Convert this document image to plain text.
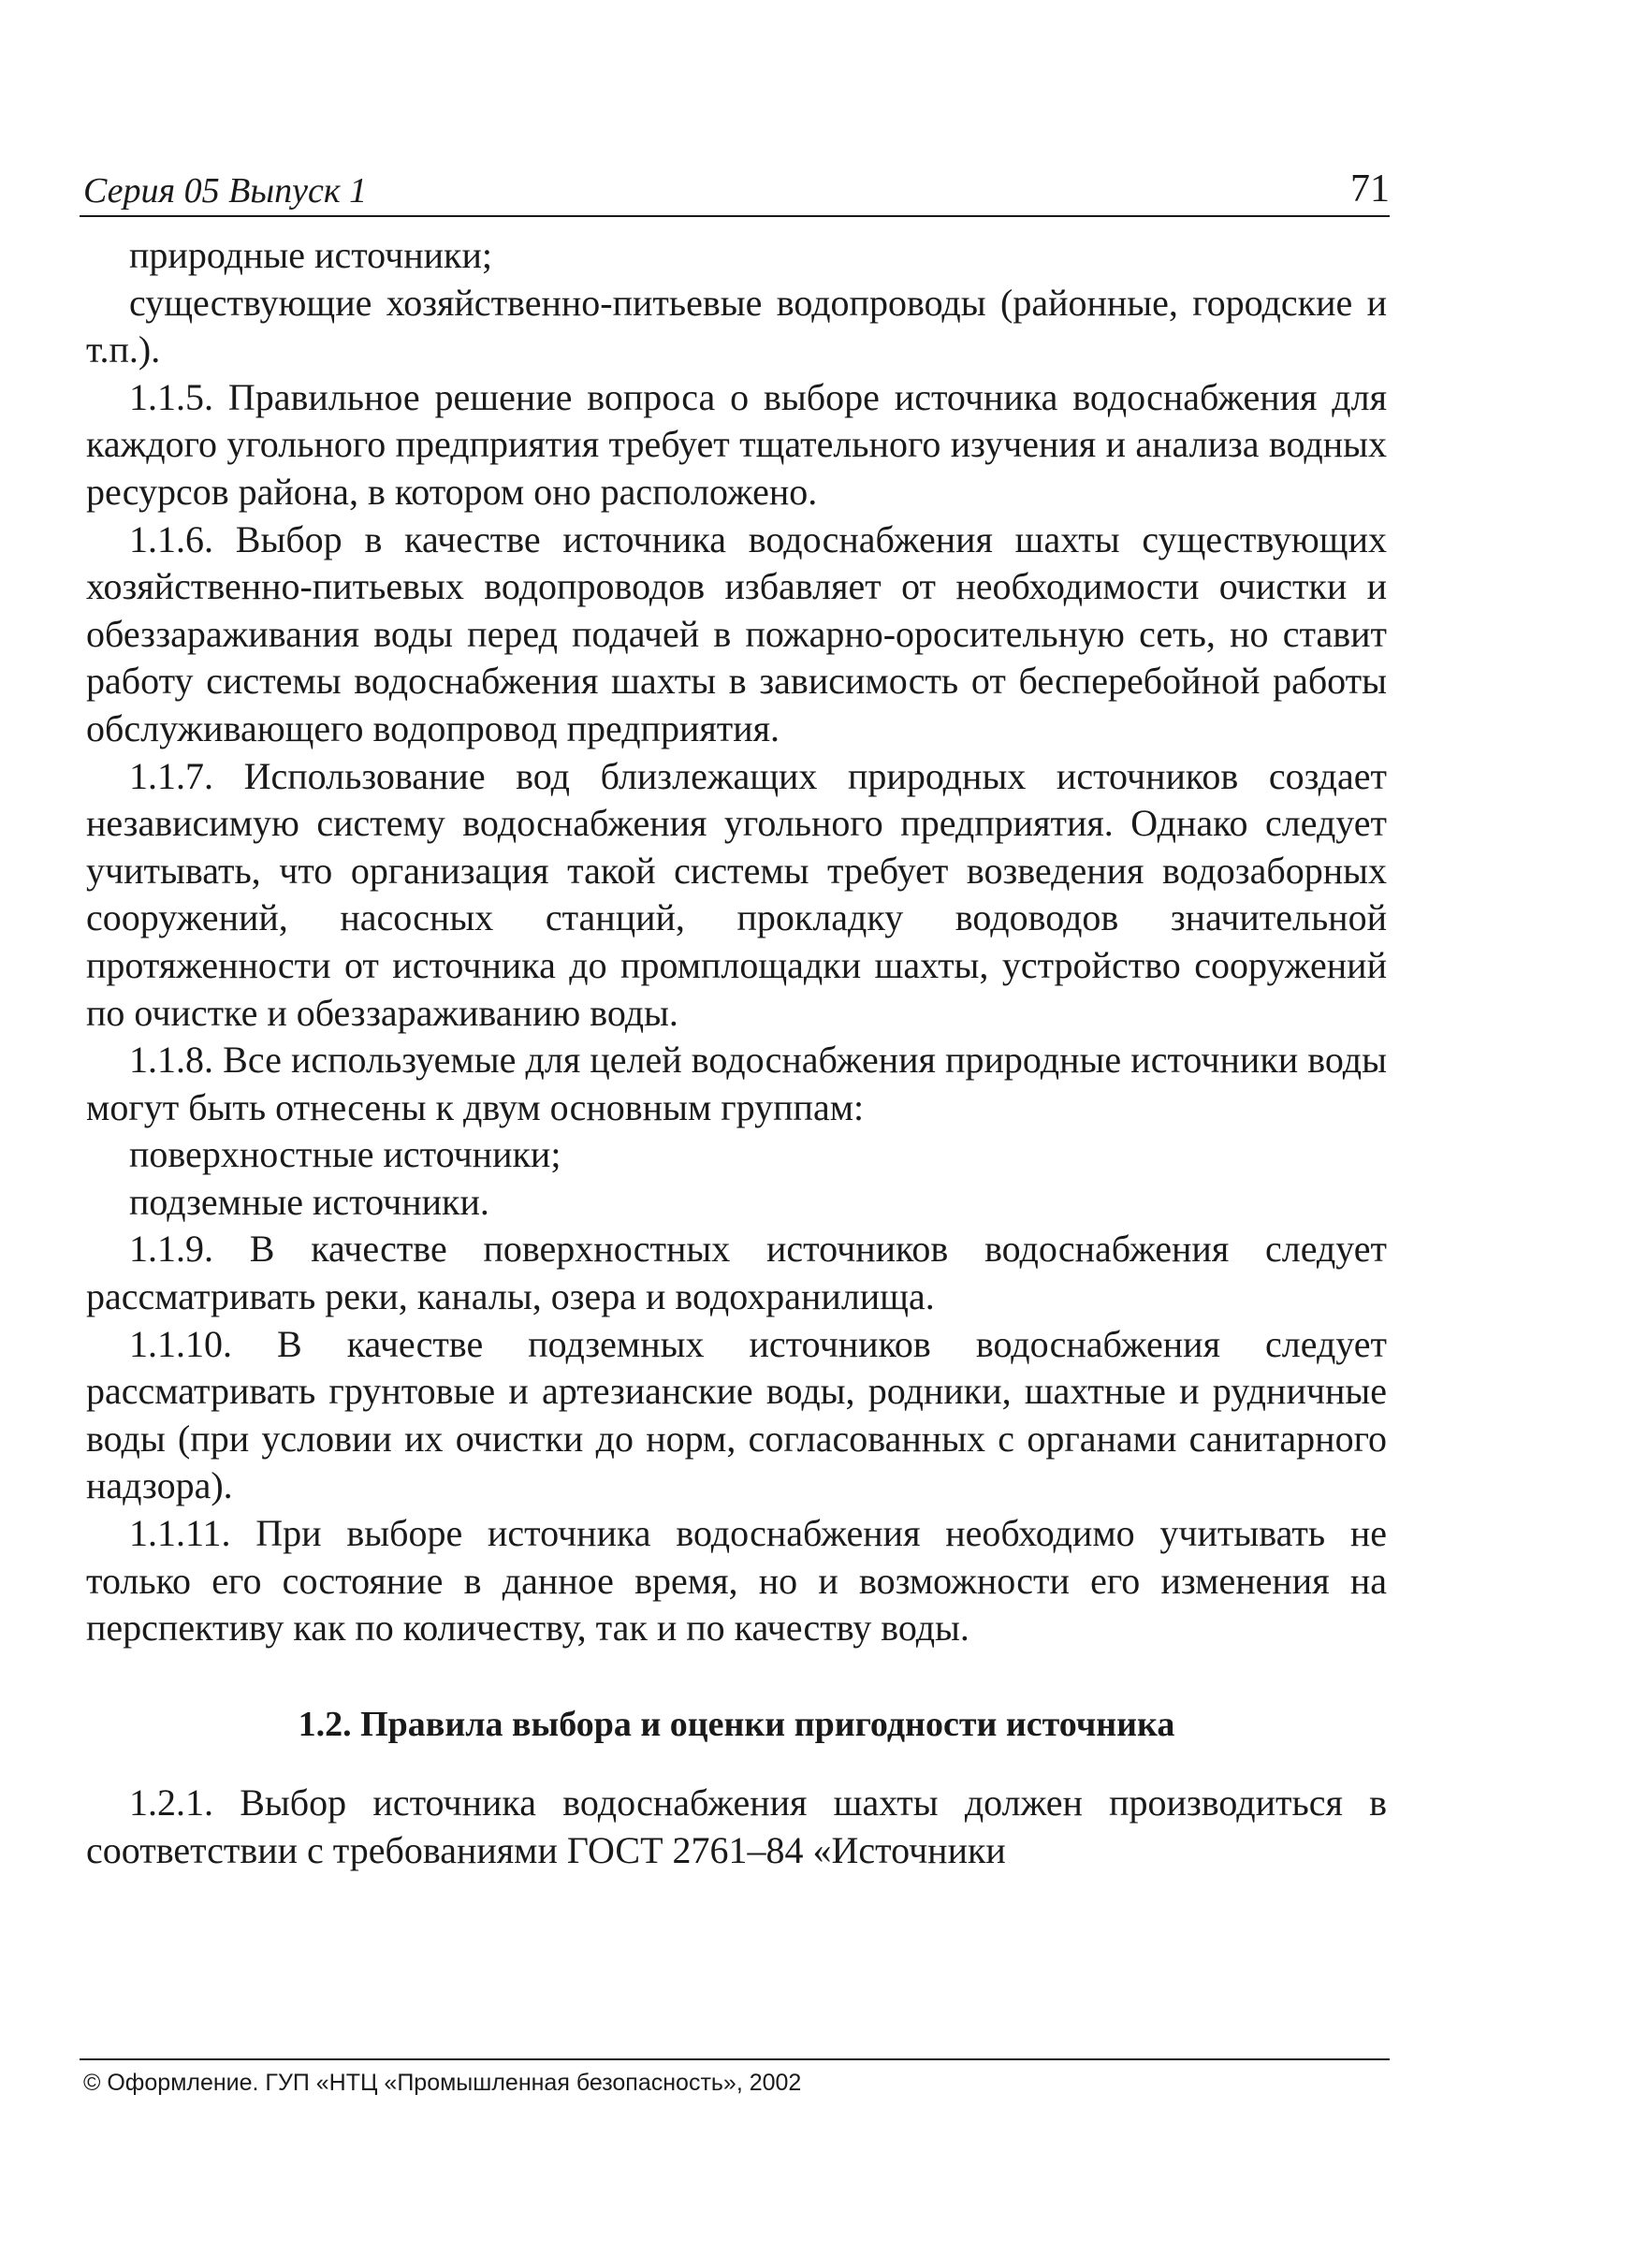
Серия 05 Выпуск 1	71

природные источники;

существующие хозяйственно-питьевые водопроводы (районные, городские и т.п.).

1.1.5. Правильное решение вопроса о выборе источника водоснабжения для каждого угольного предприятия требует тщательного изучения и анализа водных ресурсов района, в котором оно расположено.

1.1.6. Выбор в качестве источника водоснабжения шахты существующих хозяйственно-питьевых водопроводов избавляет от необходимости очистки и обеззараживания воды перед подачей в пожарно-оросительную сеть, но ставит работу системы водоснабжения шахты в зависимость от бесперебойной работы обслуживающего водопровод предприятия.

1.1.7. Использование вод близлежащих природных источников создает независимую систему водоснабжения угольного предприятия. Однако следует учитывать, что организация такой системы требует возведения водозаборных сооружений, насосных станций, прокладку водоводов значительной протяженности от источника до промплощадки шахты, устройство сооружений по очистке и обеззараживанию воды.

1.1.8. Все используемые для целей водоснабжения природные источники воды могут быть отнесены к двум основным группам:

поверхностные источники;

подземные источники.

1.1.9. В качестве поверхностных источников водоснабжения следует рассматривать реки, каналы, озера и водохранилища.

1.1.10. В качестве подземных источников водоснабжения следует рассматривать грунтовые и артезианские воды, родники, шахтные и рудничные воды (при условии их очистки до норм, согласованных с органами санитарного надзора).

1.1.11. При выборе источника водоснабжения необходимо учитывать не только его состояние в данное время, но и возможности его изменения на перспективу как по количеству, так и по качеству воды.

1.2. Правила выбора и оценки пригодности источника

1.2.1. Выбор источника водоснабжения шахты должен производиться в соответствии с требованиями ГОСТ 2761–84 «Источники

© Оформление. ГУП «НТЦ «Промышленная безопасность», 2002
